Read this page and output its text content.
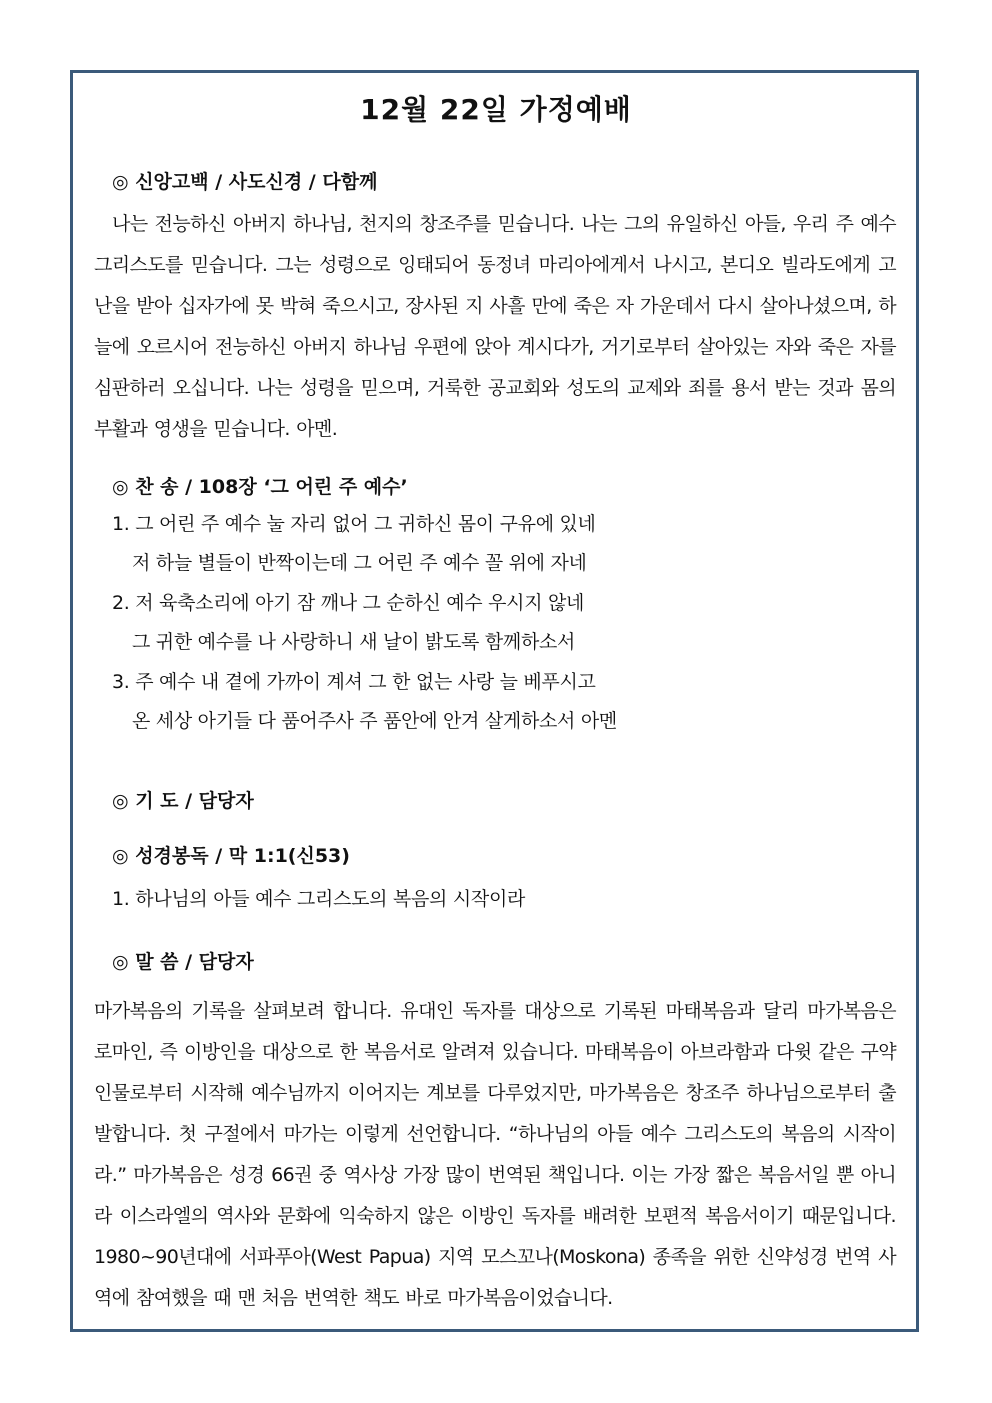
12월 22일 가정예배
◎ 신앙고백 / 사도신경 / 다함께
나는 전능하신 아버지 하나님, 천지의 창조주를 믿습니다. 나는 그의 유일하신 아들, 우리 주 예수 그리스도를 믿습니다. 그는 성령으로 잉태되어 동정녀 마리아에게서 나시고, 본디오 빌라도에게 고난을 받아 십자가에 못 박혀 죽으시고, 장사된 지 사흘 만에 죽은 자 가운데서 다시 살아나셨으며, 하늘에 오르시어 전능하신 아버지 하나님 우편에 앉아 계시다가, 거기로부터 살아있는 자와 죽은 자를 심판하러 오십니다. 나는 성령을 믿으며, 거룩한 공교회와 성도의 교제와 죄를 용서 받는 것과 몸의 부활과 영생을 믿습니다. 아멘.
◎ 찬 송 / 108장 ‘그 어린 주 예수’
1. 그 어린 주 예수 눌 자리 없어 그 귀하신 몸이 구유에 있네
저 하늘 별들이 반짝이는데 그 어린 주 예수 꼴 위에 자네
2. 저 육축소리에 아기 잠 깨나 그 순하신 예수 우시지 않네
그 귀한 예수를 나 사랑하니 새 날이 밝도록 함께하소서
3. 주 예수 내 곁에 가까이 계셔 그 한 없는 사랑 늘 베푸시고
온 세상 아기들 다 품어주사 주 품안에 안겨 살게하소서 아멘
◎ 기 도 / 담당자
◎ 성경봉독 / 막 1:1(신53)
1. 하나님의 아들 예수 그리스도의 복음의 시작이라
◎ 말 씀 / 담당자
마가복음의 기록을 살펴보려 합니다. 유대인 독자를 대상으로 기록된 마태복음과 달리 마가복음은 로마인, 즉 이방인을 대상으로 한 복음서로 알려져 있습니다. 마태복음이 아브라함과 다윗 같은 구약 인물로부터 시작해 예수님까지 이어지는 계보를 다루었지만, 마가복음은 창조주 하나님으로부터 출발합니다. 첫 구절에서 마가는 이렇게 선언합니다. “하나님의 아들 예수 그리스도의 복음의 시작이라.” 마가복음은 성경 66권 중 역사상 가장 많이 번역된 책입니다. 이는 가장 짧은 복음서일 뿐 아니라 이스라엘의 역사와 문화에 익숙하지 않은 이방인 독자를 배려한 보편적 복음서이기 때문입니다. 1980~90년대에 서파푸아(West Papua) 지역 모스꼬나(Moskona) 종족을 위한 신약성경 번역 사역에 참여했을 때 맨 처음 번역한 책도 바로 마가복음이었습니다.
